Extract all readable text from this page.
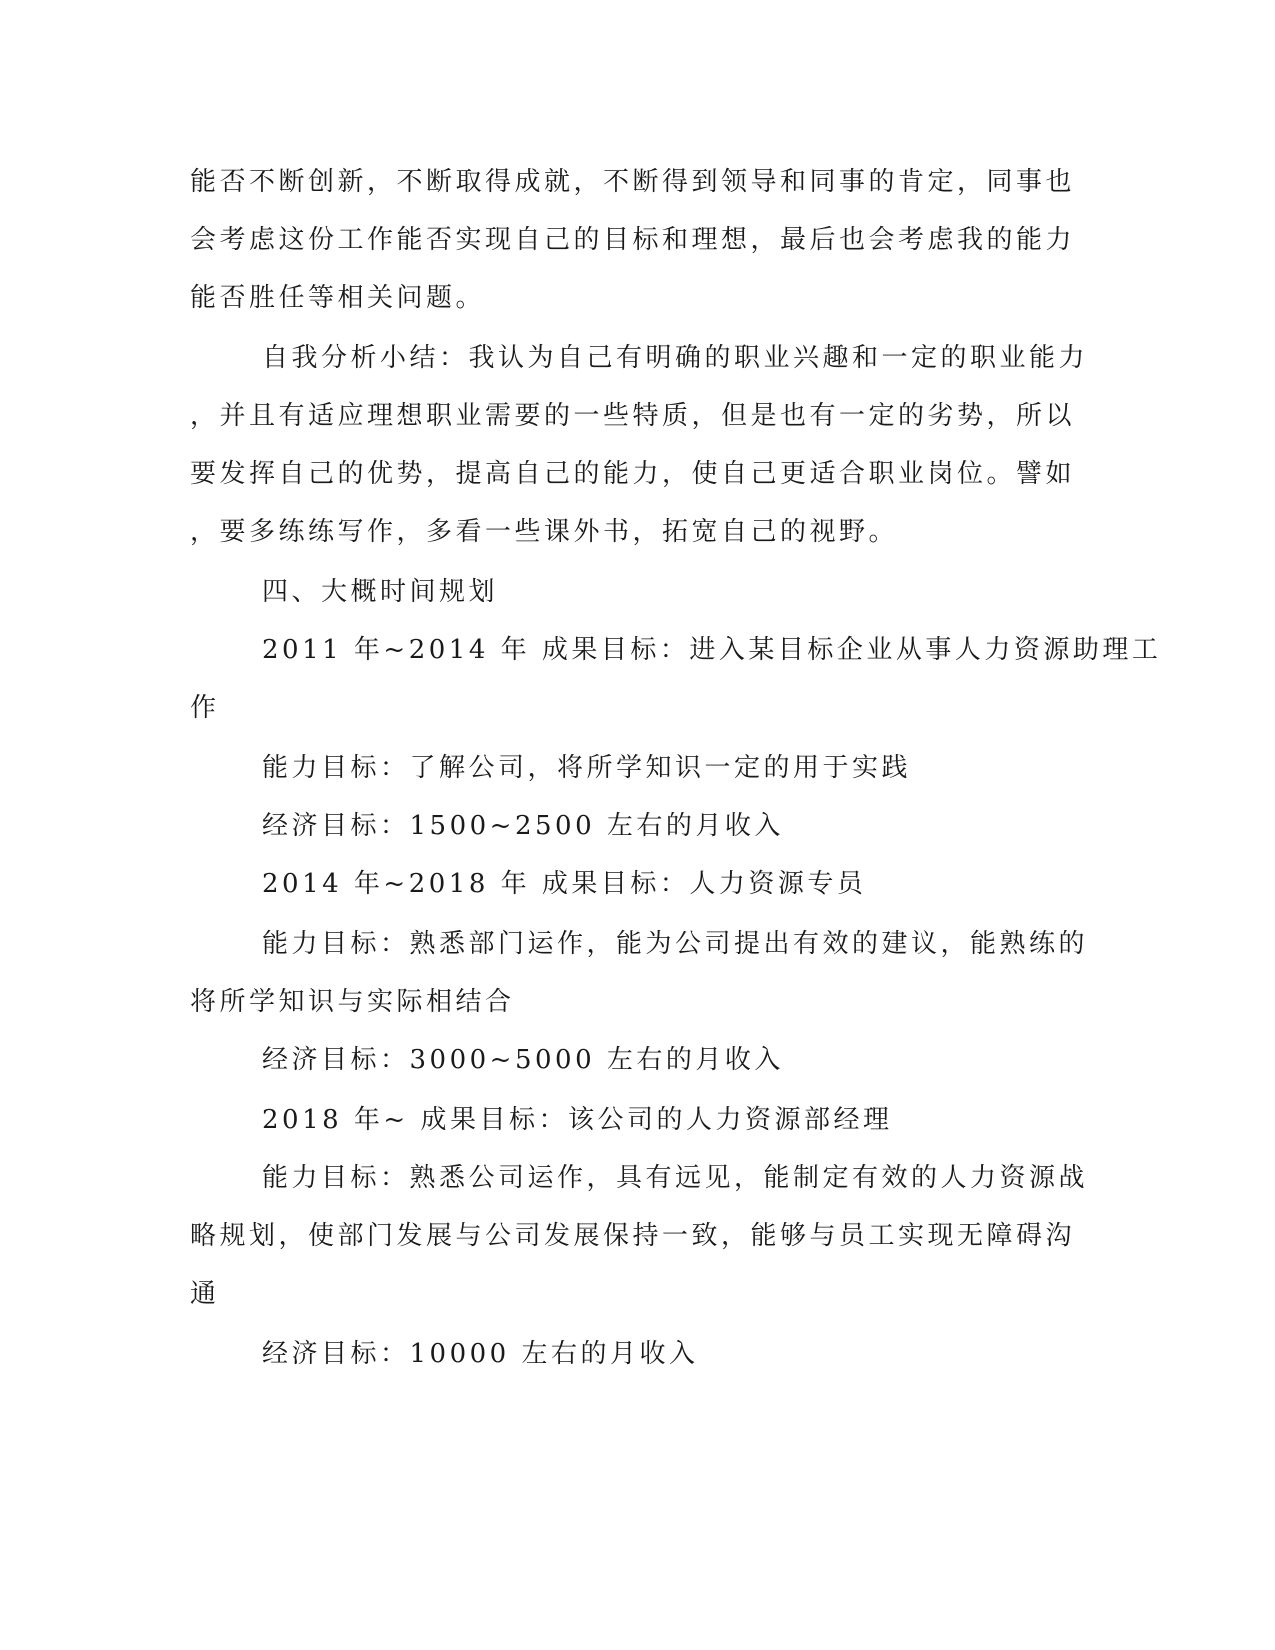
能否不断创新，不断取得成就，不断得到领导和同事的肯定，同事也
会考虑这份工作能否实现自己的目标和理想，最后也会考虑我的能力
能否胜任等相关问题。
自我分析小结：我认为自己有明确的职业兴趣和一定的职业能力
，并且有适应理想职业需要的一些特质，但是也有一定的劣势，所以
要发挥自己的优势，提高自己的能力，使自己更适合职业岗位。譬如
，要多练练写作，多看一些课外书，拓宽自己的视野。
四、大概时间规划
2011 年~2014 年 成果目标：进入某目标企业从事人力资源助理工
作
能力目标：了解公司，将所学知识一定的用于实践
经济目标：1500~2500 左右的月收入
2014 年~2018 年 成果目标：人力资源专员
能力目标：熟悉部门运作，能为公司提出有效的建议，能熟练的
将所学知识与实际相结合
经济目标：3000~5000 左右的月收入
2018 年~ 成果目标：该公司的人力资源部经理
能力目标：熟悉公司运作，具有远见，能制定有效的人力资源战
略规划，使部门发展与公司发展保持一致，能够与员工实现无障碍沟
通
经济目标：10000 左右的月收入
